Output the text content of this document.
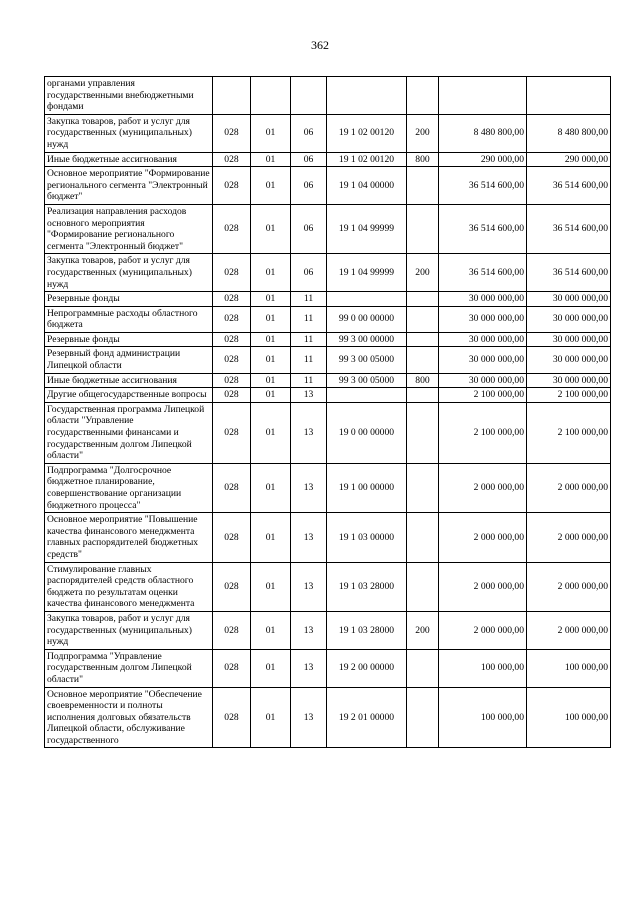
362
органами управления государственными внебюджетными фондами							
Закупка товаров, работ и услуг для государственных (муниципальных) нужд	028	01	06	19 1 02 00120	200	8 480 800,00	8 480 800,00
Иные бюджетные ассигнования	028	01	06	19 1 02 00120	800	290 000,00	290 000,00
Основное мероприятие "Формирование регионального сегмента "Электронный бюджет"	028	01	06	19 1 04 00000		36 514 600,00	36 514 600,00
Реализация направления расходов основного мероприятия "Формирование регионального сегмента "Электронный бюджет"	028	01	06	19 1 04 99999		36 514 600,00	36 514 600,00
Закупка товаров, работ и услуг для государственных (муниципальных) нужд	028	01	06	19 1 04 99999	200	36 514 600,00	36 514 600,00
Резервные фонды	028	01	11			30 000 000,00	30 000 000,00
Непрограммные расходы областного бюджета	028	01	11	99 0 00 00000		30 000 000,00	30 000 000,00
Резервные фонды	028	01	11	99 3 00 00000		30 000 000,00	30 000 000,00
Резервный фонд администрации Липецкой области	028	01	11	99 3 00 05000		30 000 000,00	30 000 000,00
Иные бюджетные ассигнования	028	01	11	99 3 00 05000	800	30 000 000,00	30 000 000,00
Другие общегосударственные вопросы	028	01	13			2 100 000,00	2 100 000,00
Государственная программа Липецкой области "Управление государственными финансами и государственным долгом Липецкой области"	028	01	13	19 0 00 00000		2 100 000,00	2 100 000,00
Подпрограмма "Долгосрочное бюджетное планирование, совершенствование организации бюджетного процесса"	028	01	13	19 1 00 00000		2 000 000,00	2 000 000,00
Основное мероприятие "Повышение качества финансового менеджмента главных распорядителей бюджетных средств"	028	01	13	19 1 03 00000		2 000 000,00	2 000 000,00
Стимулирование главных распорядителей средств областного бюджета по результатам оценки качества финансового менеджмента	028	01	13	19 1 03 28000		2 000 000,00	2 000 000,00
Закупка товаров, работ и услуг для государственных (муниципальных) нужд	028	01	13	19 1 03 28000	200	2 000 000,00	2 000 000,00
Подпрограмма "Управление государственным долгом Липецкой области"	028	01	13	19 2 00 00000		100 000,00	100 000,00
Основное мероприятие "Обеспечение своевременности и полноты исполнения долговых обязательств Липецкой области, обслуживание государственного	028	01	13	19 2 01 00000		100 000,00	100 000,00
